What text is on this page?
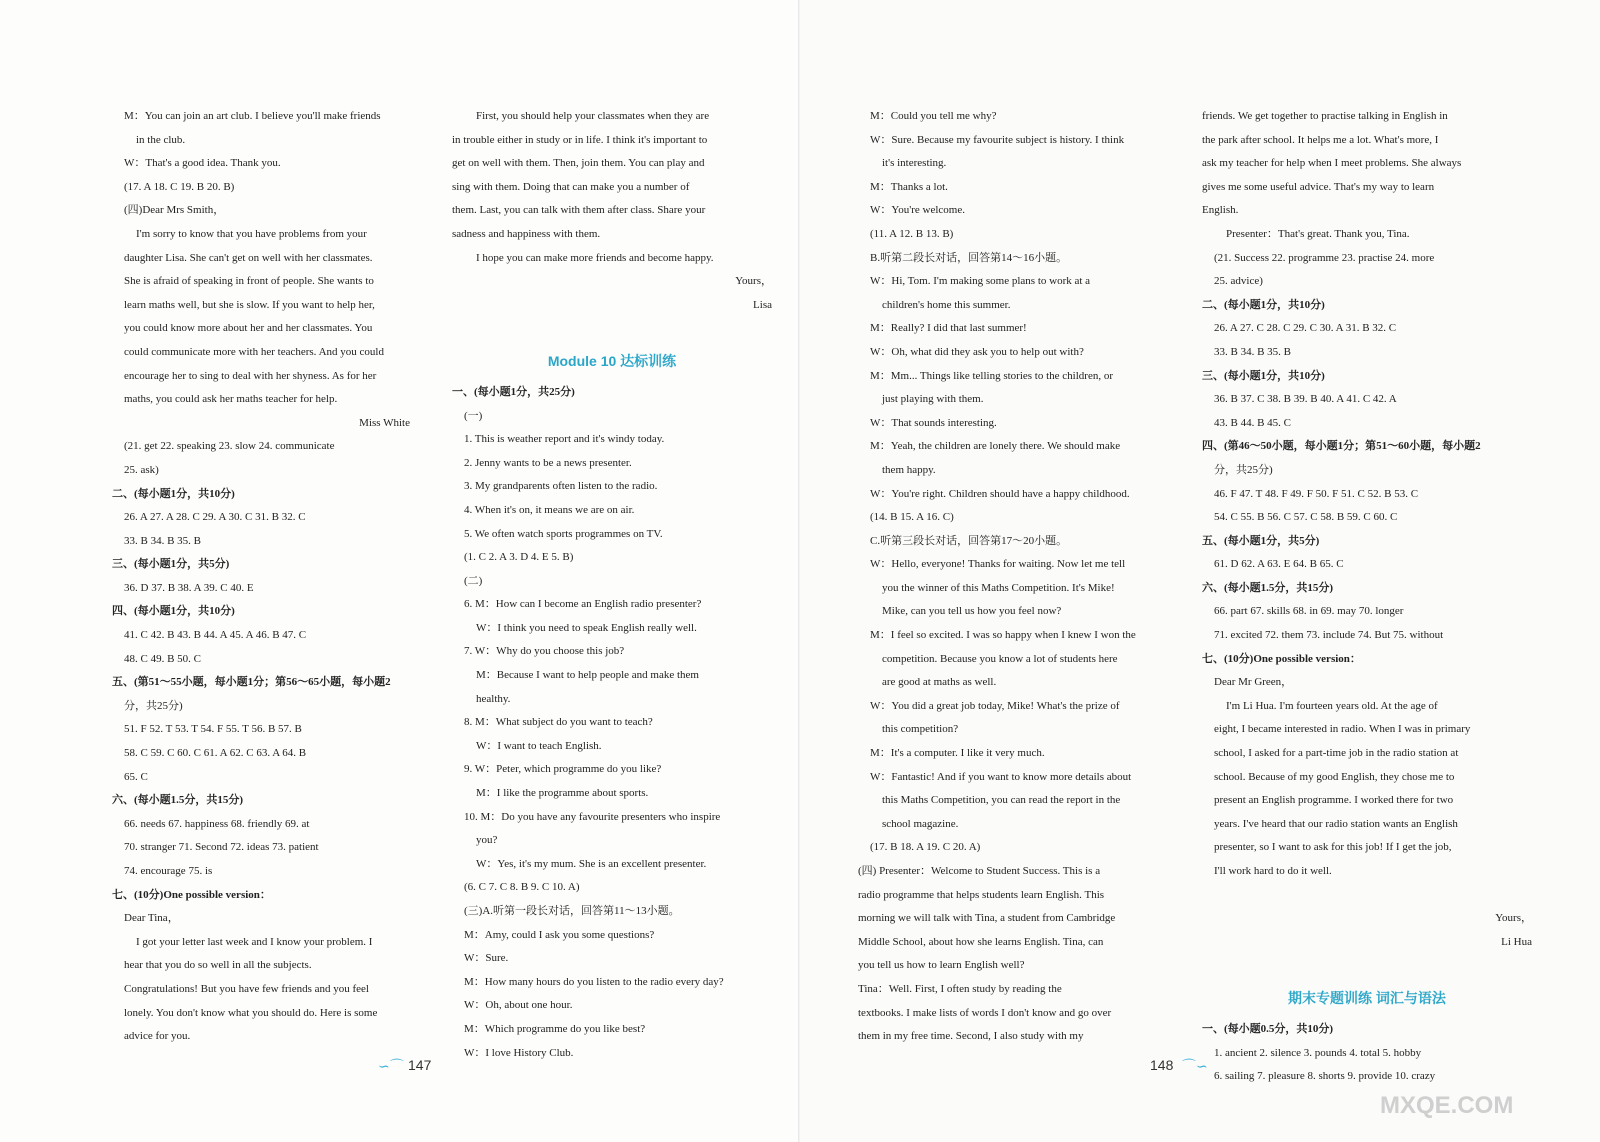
M：You can join an art club. I believe you'll make friends
in the club.
W：That's a good idea. Thank you.
(17. A 18. C 19. B 20. B)
(四)Dear Mrs Smith，
I'm sorry to know that you have problems from your
daughter Lisa. She can't get on well with her classmates.
She is afraid of speaking in front of people. She wants to
learn maths well, but she is slow. If you want to help her,
you could know more about her and her classmates. You
could communicate more with her teachers. And you could
encourage her to sing to deal with her shyness. As for her
maths, you could ask her maths teacher for help.
Miss White
(21. get 22. speaking 23. slow 24. communicate
25. ask)
二、(每小题1分，共10分)
26. A 27. A 28. C 29. A 30. C 31. B 32. C
33. B 34. B 35. B
三、(每小题1分，共5分)
36. D 37. B 38. A 39. C 40. E
四、(每小题1分，共10分)
41. C 42. B 43. B 44. A 45. A 46. B 47. C
48. C 49. B 50. C
五、(第51～55小题，每小题1分；第56～65小题，每小题2
分，共25分)
51. F 52. T 53. T 54. F 55. T 56. B 57. B
58. C 59. C 60. C 61. A 62. C 63. A 64. B
65. C
六、(每小题1.5分，共15分)
66. needs 67. happiness 68. friendly 69. at
70. stranger 71. Second 72. ideas 73. patient
74. encourage 75. is
七、(10分)One possible version：
Dear Tina，
I got your letter last week and I know your problem. I
hear that you do so well in all the subjects.
Congratulations! But you have few friends and you feel
lonely. You don't know what you should do. Here is some
advice for you.
First, you should help your classmates when they are
in trouble either in study or in life. I think it's important to
get on well with them. Then, join them. You can play and
sing with them. Doing that can make you a number of
them. Last, you can talk with them after class. Share your
sadness and happiness with them.
I hope you can make more friends and become happy.
Yours，
Lisa
Module 10 达标训练
一、(每小题1分，共25分)
(一)
1. This is weather report and it's windy today.
2. Jenny wants to be a news presenter.
3. My grandparents often listen to the radio.
4. When it's on, it means we are on air.
5. We often watch sports programmes on TV.
(1. C 2. A 3. D 4. E 5. B)
(二)
6. M：How can I become an English radio presenter?
W：I think you need to speak English really well.
7. W：Why do you choose this job?
M：Because I want to help people and make them
healthy.
8. M：What subject do you want to teach?
W：I want to teach English.
9. W：Peter, which programme do you like?
M：I like the programme about sports.
10. M：Do you have any favourite presenters who inspire
you?
W：Yes, it's my mum. She is an excellent presenter.
(6. C 7. C 8. B 9. C 10. A)
(三)A.听第一段长对话，回答第11～13小题。
M：Amy, could I ask you some questions?
W：Sure.
M：How many hours do you listen to the radio every day?
W：Oh, about one hour.
M：Which programme do you like best?
W：I love History Club.
∽⌒ 147
M：Could you tell me why?
W：Sure. Because my favourite subject is history. I think
it's interesting.
M：Thanks a lot.
W：You're welcome.
(11. A 12. B 13. B)
B.听第二段长对话，回答第14～16小题。
W：Hi, Tom. I'm making some plans to work at a
children's home this summer.
M：Really? I did that last summer!
W：Oh, what did they ask you to help out with?
M：Mm... Things like telling stories to the children, or
just playing with them.
W：That sounds interesting.
M：Yeah, the children are lonely there. We should make
them happy.
W：You're right. Children should have a happy childhood.
(14. B 15. A 16. C)
C.听第三段长对话，回答第17～20小题。
W：Hello, everyone! Thanks for waiting. Now let me tell
you the winner of this Maths Competition. It's Mike!
Mike, can you tell us how you feel now?
M：I feel so excited. I was so happy when I knew I won the
competition. Because you know a lot of students here
are good at maths as well.
W：You did a great job today, Mike! What's the prize of
this competition?
M：It's a computer. I like it very much.
W：Fantastic! And if you want to know more details about
this Maths Competition, you can read the report in the
school magazine.
(17. B 18. A 19. C 20. A)
(四) Presenter：Welcome to Student Success. This is a
radio programme that helps students learn English. This
morning we will talk with Tina, a student from Cambridge
Middle School, about how she learns English. Tina, can
you tell us how to learn English well?
Tina：Well. First, I often study by reading the
textbooks. I make lists of words I don't know and go over
them in my free time. Second, I also study with my
friends. We get together to practise talking in English in
the park after school. It helps me a lot. What's more, I
ask my teacher for help when I meet problems. She always
gives me some useful advice. That's my way to learn
English.
Presenter：That's great. Thank you, Tina.
(21. Success 22. programme 23. practise 24. more
25. advice)
二、(每小题1分，共10分)
26. A 27. C 28. C 29. C 30. A 31. B 32. C
33. B 34. B 35. B
三、(每小题1分，共10分)
36. B 37. C 38. B 39. B 40. A 41. C 42. A
43. B 44. B 45. C
四、(第46～50小题，每小题1分；第51～60小题，每小题2
分，共25分)
46. F 47. T 48. F 49. F 50. F 51. C 52. B 53. C
54. C 55. B 56. C 57. C 58. B 59. C 60. C
五、(每小题1分，共5分)
61. D 62. A 63. E 64. B 65. C
六、(每小题1.5分，共15分)
66. part 67. skills 68. in 69. may 70. longer
71. excited 72. them 73. include 74. But 75. without
七、(10分)One possible version：
Dear Mr Green，
I'm Li Hua. I'm fourteen years old. At the age of
eight, I became interested in radio. When I was in primary
school, I asked for a part-time job in the radio station at
school. Because of my good English, they chose me to
present an English programme. I worked there for two
years. I've heard that our radio station wants an English
presenter, so I want to ask for this job! If I get the job,
I'll work hard to do it well.
Yours，
Li Hua
期末专题训练 词汇与语法
一、(每小题0.5分，共10分)
1. ancient 2. silence 3. pounds 4. total 5. hobby
6. sailing 7. pleasure 8. shorts 9. provide 10. crazy
148 ⌒∽
MXQE.COM
